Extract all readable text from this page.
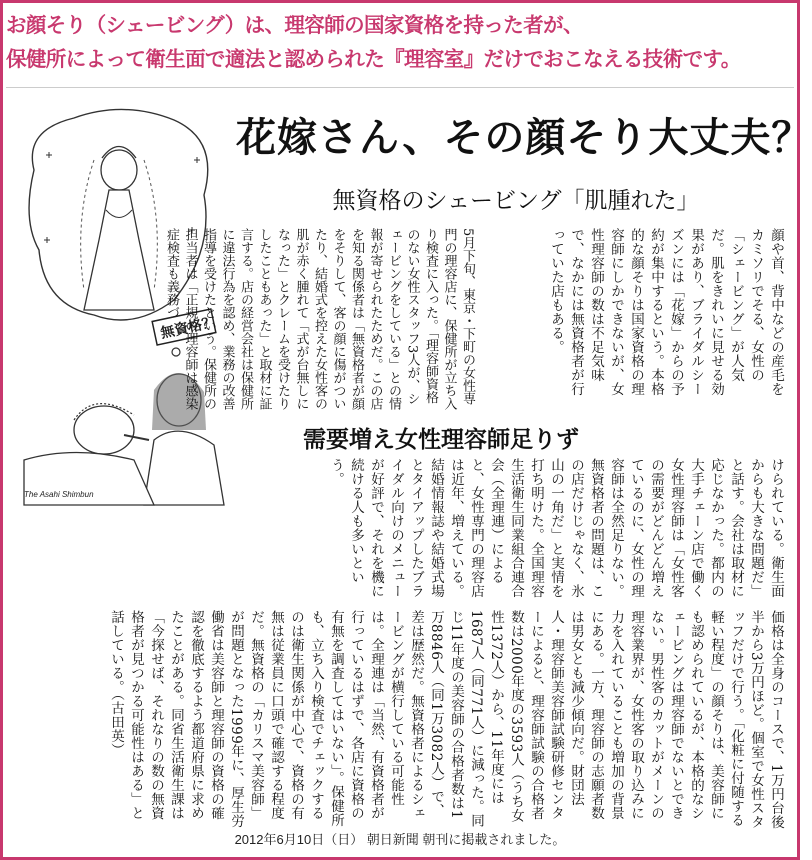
お顔そり（シェービング）は、理容師の国家資格を持った者が、
保健所によって衛生面で適法と認められた『理容室』だけでおこなえる技術です。
無資格？
The Asahi Shimbun
花嫁さん、その顔そり大丈夫？
無資格のシェービング「肌腫れた」
顔や首、背中などの産毛をカミソリでそる、女性の「シェービング」が人気だ。肌をきれいに見せる効果があり、ブライダルシーズンには「花嫁」からの予約が集中するという。本格的な顔そりは国家資格の理容師にしかできないが、女性理容師の数は不足気味で、なかには無資格者が行っていた店もある。
5月下旬、東京・下町の女性専門の理容店に、保健所が立ち入り検査に入った。「理容師資格のない女性スタッフ3人が、シェービングをしている」との情報が寄せられたためだ。この店を知る関係者は「無資格者が顔をそりして、客の顔に傷がついたり、結婚式を控えた女性客の肌が赤く腫れて「式が台無しになった」とクレームを受けたりしたこともあった」と取材に証言する。店の経営会社は保健所に違法行為を認め、業務の改善指導を受けたという。保健所の担当者は「正規の理容師は感染症検査も義務づ
需要増え女性理容師足りず
けられている。衛生面からも大きな問題だ」と話す。会社は取材に応じなかった。都内の大手チェーン店で働く女性理容師は「女性客の需要がどんどん増えているのに、女性の理容師は全然足りない。無資格者の問題は、この店だけじゃなく、氷山の一角だ」と実情を打ち明けた。全国理容生活衛生同業組合連合会（全理連）によると、女性専門の理容店は近年、増えている。結婚情報誌や結婚式場とタイアップしたブライダル向けのメニューが好評で、それを機に続ける人も多いという。
価格は全身のコースで、1万円台後半から3万円ほど。個室で女性スタッフだけで行う。「化粧に付随する軽い程度」の顔そりは、美容師にも認められているが、本格的なシェービングは理容師でないとできない。男性客のカットがメーンの理容業界が、女性客の取り込みに力を入れていることも増加の背景にある。一方、理容師の志願者数は男女とも減少傾向だ。財団法人・理容師美容師試験研修センターによると、理容師試験の合格者数は2000年度の3593人（うち女性1372人）から、11年度には1687人（同771人）に減った。同じ11年度の美容師の合格者数は1万8846人（同1万3082人）で、差は歴然だ。無資格者によるシェービングが横行している可能性は。全理連は「当然、有資格者が行っているはずで、各店に資格の有無を調査してはいない」。保健所も、立ち入り検査でチェックするのは衛生関係が中心で、資格の有無は従業員に口頭で確認する程度だ。無資格の「カリスマ美容師」が問題となった1999年に、厚生労働省は美容師と理容師の資格の確認を徹底するよう都道府県に求めたことがある。同省生活衛生課は「今探せば、それなりの数の無資格者が見つかる可能性はある」と話している。（古田英）
2012年6月10日（日） 朝日新聞 朝刊に掲載されました。
